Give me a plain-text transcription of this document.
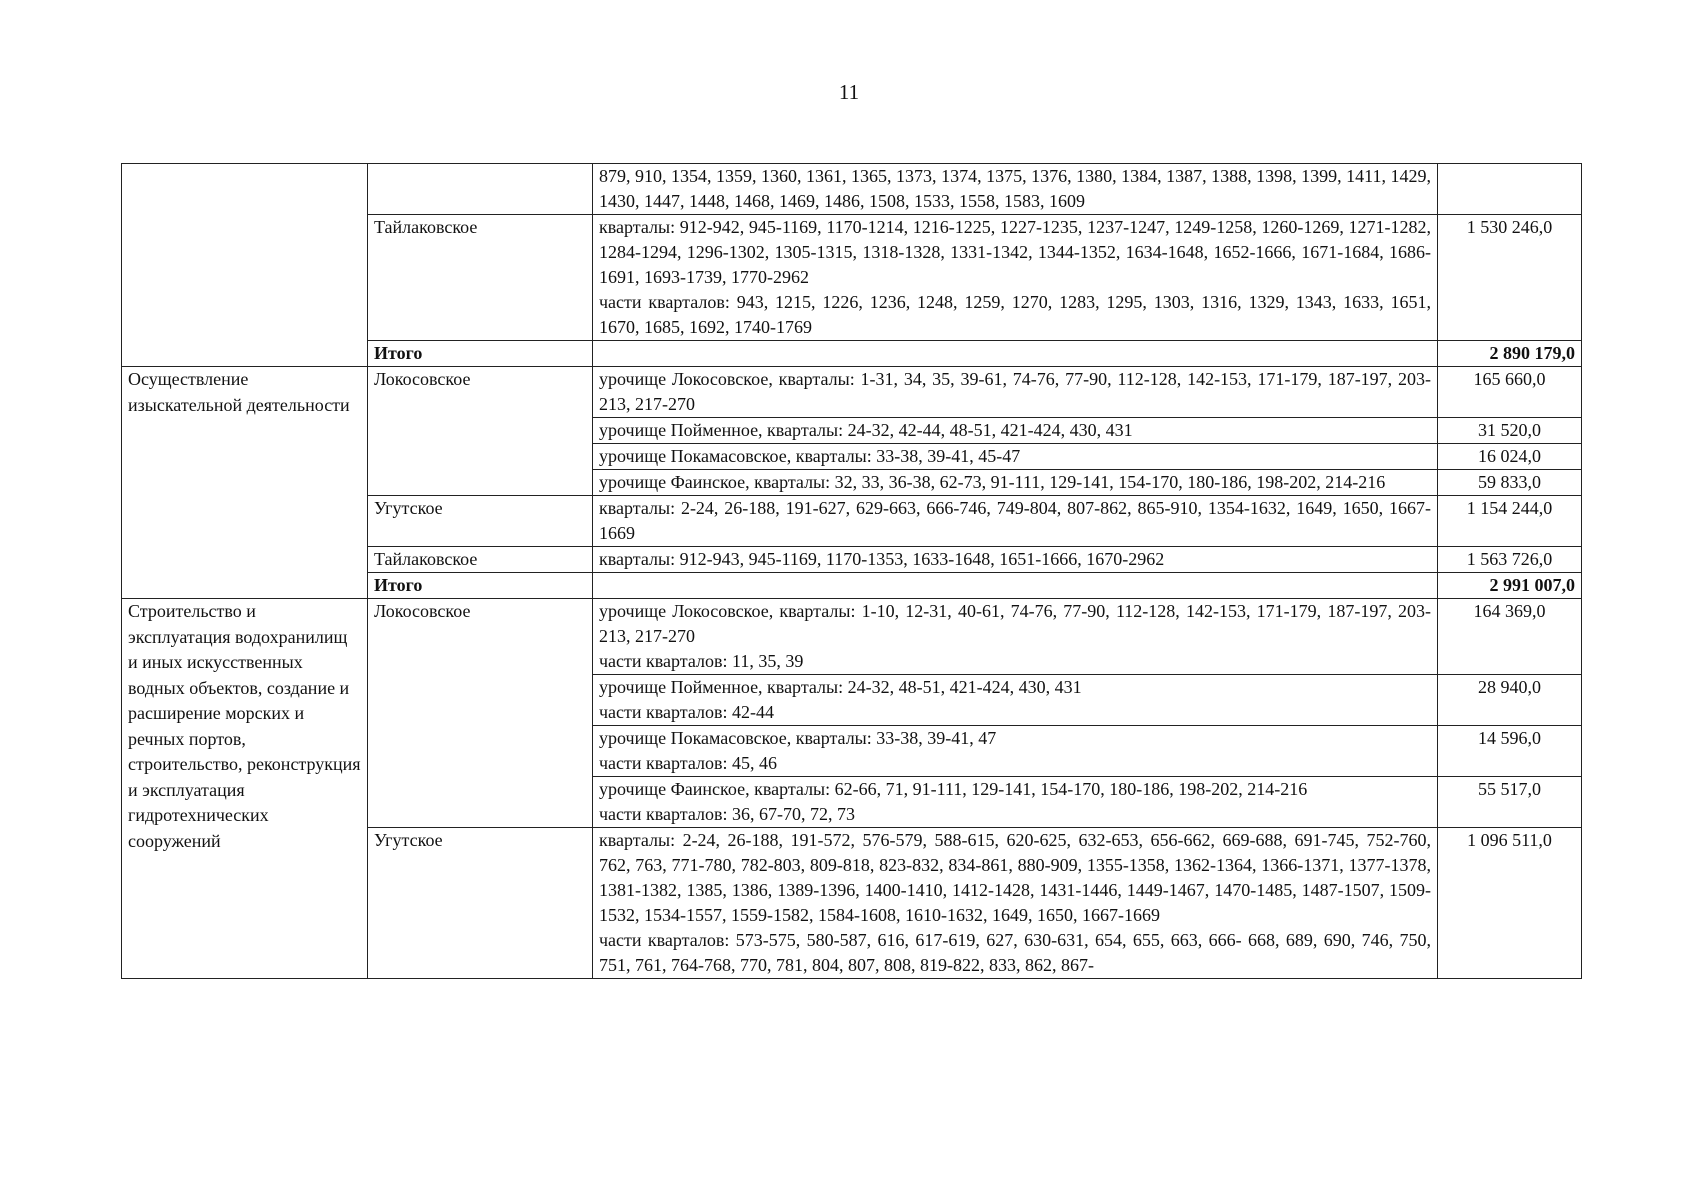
11

		879, 910, 1354, 1359, 1360, 1361, 1365, 1373, 1374, 1375, 1376, 1380, 1384, 1387, 1388, 1398, 1399, 1411, 1429, 1430, 1447, 1448, 1468, 1469, 1486, 1508, 1533, 1558, 1583, 1609	

	Тайлаковское	кварталы: 912-942, 945-1169, 1170-1214, 1216-1225, 1227-1235, 1237-1247, 1249-1258, 1260-1269, 1271-1282, 1284-1294, 1296-1302, 1305-1315, 1318-1328, 1331-1342, 1344-1352, 1634-1648, 1652-1666, 1671-1684, 1686-1691, 1693-1739, 1770-2962
части кварталов: 943, 1215, 1226, 1236, 1248, 1259, 1270, 1283, 1295, 1303, 1316, 1329, 1343, 1633, 1651, 1670, 1685, 1692, 1740-1769	1 530 246,0
	Итого		2 890 179,0
Осуществление изыскательной деятельности	Локосовское	урочище Локосовское, кварталы: 1-31, 34, 35, 39-61, 74-76, 77-90, 112-128, 142-153, 171-179, 187-197, 203-213, 217-270	165 660,0
		урочище Пойменное, кварталы: 24-32, 42-44, 48-51, 421-424, 430, 431	31 520,0
		урочище Покамасовское, кварталы: 33-38, 39-41, 45-47	16 024,0
		урочище Фаинское, кварталы: 32, 33, 36-38, 62-73, 91-111, 129-141, 154-170, 180-186, 198-202, 214-216	59 833,0
	Угутское	кварталы: 2-24, 26-188, 191-627, 629-663, 666-746, 749-804, 807-862, 865-910, 1354-1632, 1649, 1650, 1667-1669	1 154 244,0
	Тайлаковское	кварталы: 912-943, 945-1169, 1170-1353, 1633-1648, 1651-1666, 1670-2962	1 563 726,0
	Итого		2 991 007,0
Строительство и эксплуатация водохранилищ и иных искусственных водных объектов, создание и расширение морских и речных портов, строительство, реконструкция и эксплуатация гидротехнических сооружений	Локосовское	урочище Локосовское, кварталы: 1-10, 12-31, 40-61, 74-76, 77-90, 112-128, 142-153, 171-179, 187-197, 203-213, 217-270
части кварталов: 11, 35, 39	164 369,0

		урочище Пойменное, кварталы: 24-32, 48-51, 421-424, 430, 431
части кварталов: 42-44	28 940,0

		урочище Покамасовское, кварталы: 33-38, 39-41, 47
части кварталов: 45, 46	14 596,0

		урочище Фаинское, кварталы: 62-66, 71, 91-111, 129-141, 154-170, 180-186, 198-202, 214-216
части кварталов: 36, 67-70, 72, 73	55 517,0
	Угутское	кварталы: 2-24, 26-188, 191-572, 576-579, 588-615, 620-625, 632-653, 656-662, 669-688, 691-745, 752-760, 762, 763, 771-780, 782-803, 809-818, 823-832, 834-861, 880-909, 1355-1358, 1362-1364, 1366-1371, 1377-1378, 1381-1382, 1385, 1386, 1389-1396, 1400-1410, 1412-1428, 1431-1446, 1449-1467, 1470-1485, 1487-1507, 1509-1532, 1534-1557, 1559-1582, 1584-1608, 1610-1632, 1649, 1650, 1667-1669
части кварталов: 573-575, 580-587, 616, 617-619, 627, 630-631, 654, 655, 663, 666- 668, 689, 690, 746, 750, 751, 761, 764-768, 770, 781, 804, 807, 808, 819-822, 833, 862, 867-	1 096 511,0
